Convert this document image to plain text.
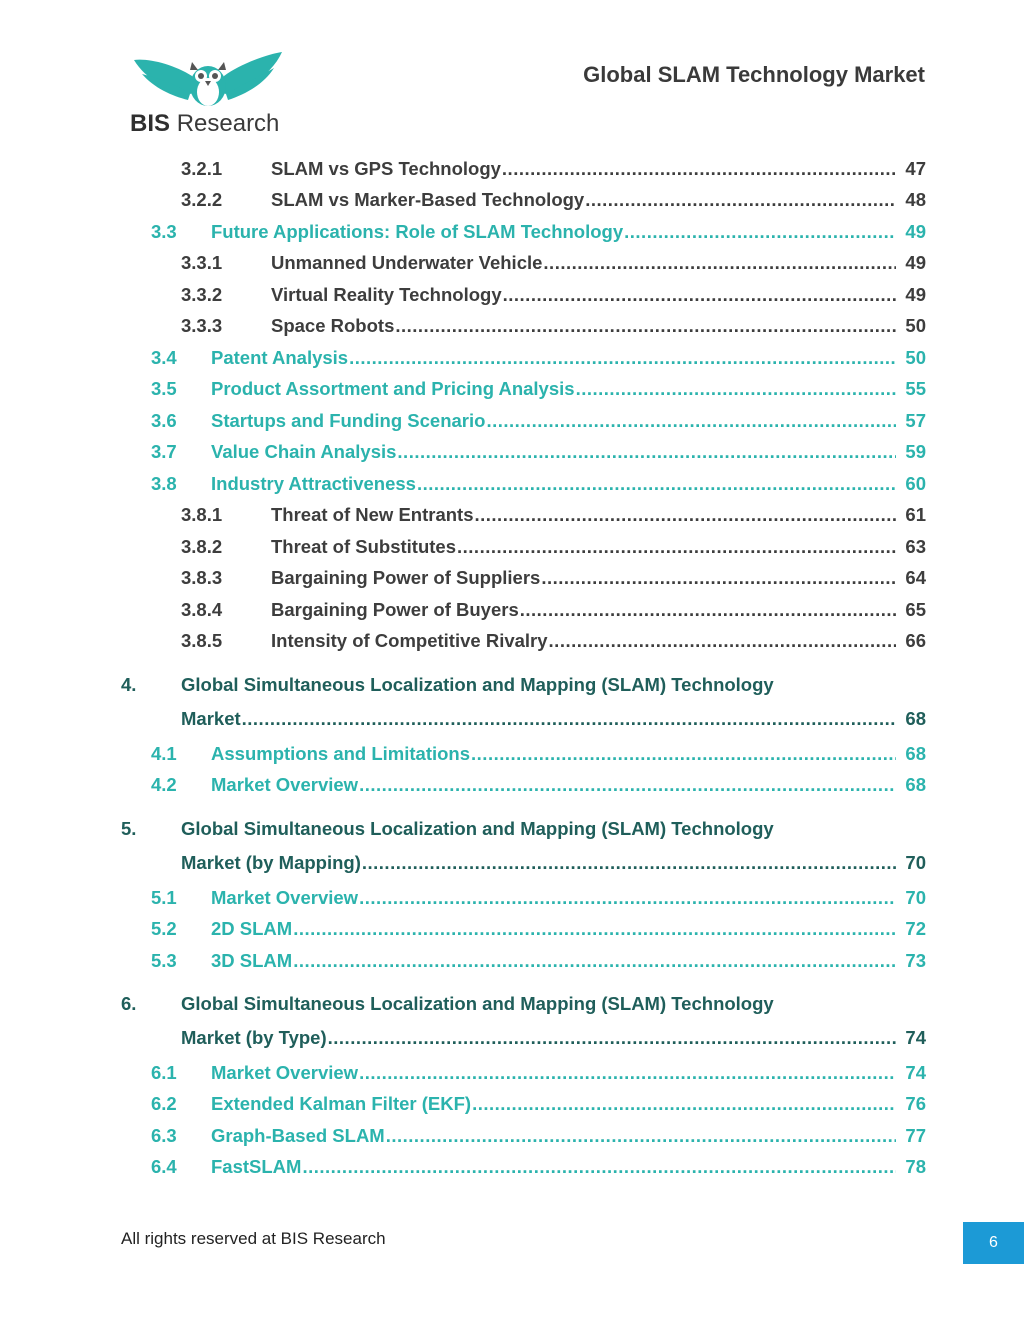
BIS Research
Global SLAM Technology Market
3.2.1	SLAM vs GPS Technology .....	47
3.2.2	SLAM vs Marker-Based Technology .....	48
3.3 Future Applications: Role of SLAM Technology .....	49
3.3.1	Unmanned Underwater Vehicle .....	49
3.3.2	Virtual Reality Technology .....	49
3.3.3	Space Robots .....	50
3.4 Patent Analysis .....	50
3.5 Product Assortment and Pricing Analysis .....	55
3.6 Startups and Funding Scenario .....	57
3.7 Value Chain Analysis .....	59
3.8 Industry Attractiveness .....	60
3.8.1	Threat of New Entrants .....	61
3.8.2	Threat of Substitutes .....	63
3.8.3	Bargaining Power of Suppliers .....	64
3.8.4	Bargaining Power of Buyers .....	65
3.8.5	Intensity of Competitive Rivalry .....	66
4. Global Simultaneous Localization and Mapping (SLAM) Technology
Market .....	68
4.1 Assumptions and Limitations .....	68
4.2 Market Overview .....	68
5. Global Simultaneous Localization and Mapping (SLAM) Technology
Market (by Mapping) .....	70
5.1 Market Overview .....	70
5.2 2D SLAM .....	72
5.3 3D SLAM .....	73
6. Global Simultaneous Localization and Mapping (SLAM) Technology
Market (by Type) .....	74
6.1 Market Overview .....	74
6.2 Extended Kalman Filter (EKF) .....	76
6.3 Graph-Based SLAM .....	77
6.4 FastSLAM .....	78
All rights reserved at BIS Research	6
